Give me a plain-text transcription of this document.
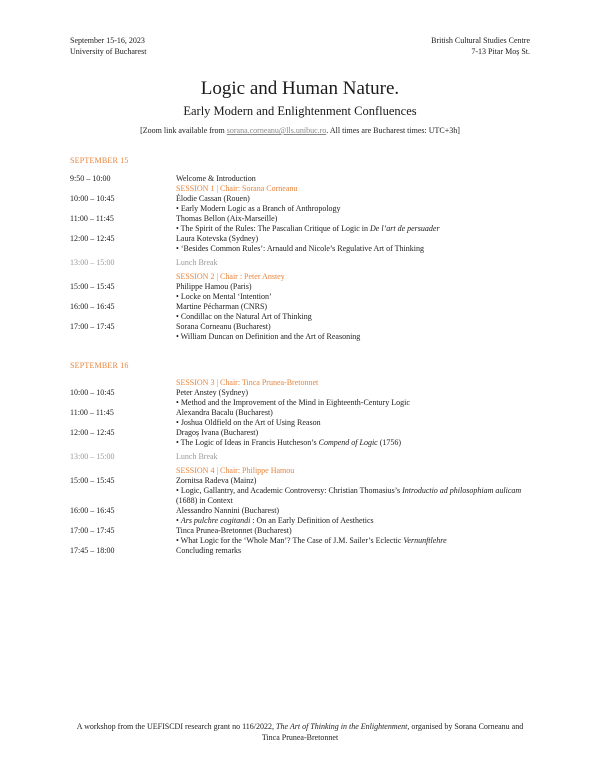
September 15-16, 2023
University of Bucharest
British Cultural Studies Centre
7-13 Pitar Moș St.
Logic and Human Nature.
Early Modern and Enlightenment Confluences
[Zoom link available from sorana.corneanu@lls.unibuc.ro. All times are Bucharest times: UTC+3h]
SEPTEMBER 15
9:50 – 10:00	Welcome & Introduction
SESSION 1 | Chair: Sorana Corneanu
10:00 – 10:45	Élodie Cassan (Rouen)
• Early Modern Logic as a Branch of Anthropology
11:00 – 11:45	Thomas Bellon (Aix-Marseille)
• The Spirit of the Rules: The Pascalian Critique of Logic in De l’art de persuader
12:00 – 12:45	Laura Kotevska (Sydney)
• ‘Besides Common Rules’: Arnauld and Nicole’s Regulative Art of Thinking
13:00 – 15:00	Lunch Break
SESSION 2 | Chair : Peter Anstey
15:00 – 15:45	Philippe Hamou (Paris)
• Locke on Mental ‘Intention’
16:00 – 16:45	Martine Pécharman (CNRS)
• Condillac on the Natural Art of Thinking
17:00 – 17:45	Sorana Corneanu (Bucharest)
• William Duncan on Definition and the Art of Reasoning
SEPTEMBER 16
SESSION 3 | Chair: Tinca Prunea-Bretonnet
10:00 – 10:45	Peter Anstey (Sydney)
• Method and the Improvement of the Mind in Eighteenth-Century Logic
11:00 – 11:45	Alexandra Bacalu (Bucharest)
• Joshua Oldfield on the Art of Using Reason
12:00 – 12:45	Dragoș Ivana (Bucharest)
• The Logic of Ideas in Francis Hutcheson’s Compend of Logic (1756)
13:00 – 15:00	Lunch Break
SESSION 4 | Chair: Philippe Hamou
15:00 – 15:45	Zornitsa Radeva (Mainz)
• Logic, Gallantry, and Academic Controversy: Christian Thomasius’s Introductio ad philosophiam aulicam (1688) in Context
16:00 – 16:45	Alessandro Nannini (Bucharest)
• Ars pulchre cogitandi : On an Early Definition of Aesthetics
17:00 – 17:45	Tinca Prunea-Bretonnet (Bucharest)
• What Logic for the ‘Whole Man’? The Case of J.M. Sailer’s Eclectic Vernunftlehre
17:45 – 18:00	Concluding remarks
A workshop from the UEFISCDI research grant no 116/2022, The Art of Thinking in the Enlightenment, organised by Sorana Corneanu and Tinca Prunea-Bretonnet
